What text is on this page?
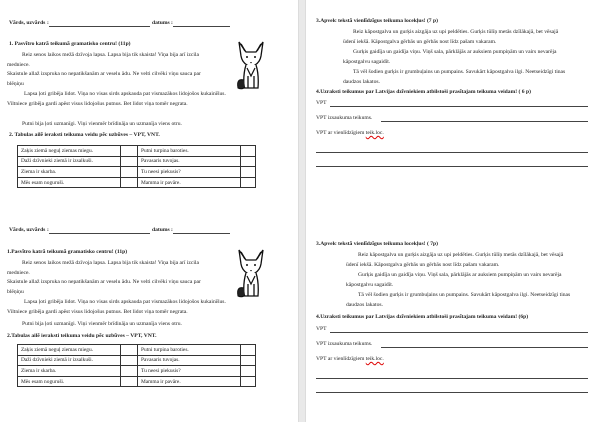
Vārds, uzvārds :	datums :
1. Pasvītro katrā teikumā gramatisko centru! (11p)
Reiz senos laikos mežā dzīvoja lapsa. Lapsa bija tik skaista! Viņa bija arī izcila
medniece.
Skaistule allaž izspruka no nepatikšanām ar veselu ādu. Ne velti cilvēki viņu sauca par
blēņiņu
Lapsa ļoti gribēja lidot. Viņa no visas sirds apskauda pat vismazākos lidojošos kukainīšus.
Viltniece gribēja gardi apēst visus lidojošus putnus. Bet lidot viņa tomēr negrata.
Putni bija ļoti uzmanīgi. Viņi vienmēr brīdināja un uzmanīja viens otru.
2. Tabulas ailē ieraksti teikuma veidu pēc uzbūves – VPT, VNT.
Zaķis ziemā neguļ ziemas miegu.		Putni turpina baroties.	
Daži dzīvnieki ziemā ir izsalkuši.		Pavasaris tuvojas.	
Ziema ir skarba.		Tu neesi piekusis?	
Mēs esam noguruši.		Mamma ir pavāre.	
Vārds, uzvārds :	datums :
1.Pasvītro katrā teikumā gramatisko centru! (11p)
Reiz senos laikos mežā dzīvoja lapsa. Lapsa bija tik skaista! Viņa bija arī izcila
medniece.
Skaistule allaž izspruka no nepatikšanām ar veselu ādu. Ne velti cilvēki viņu sauca par
blēņiņu
Lapsa ļoti gribēja lidot. Viņa no visas sirds apskauda pat vismazākos lidojošos kukainīšus.
Viltniece gribēja gardi apēst visus lidojošus putnus. Bet lidot viņa tomēr negrata.
Putni bija ļoti uzmanīgi. Viņi vienmēr brīdināja un uzmanīja viens otru.
2.Tabulas ailē ieraksti teikuma veidu pēc uzbūves – VPT, VNT.
Zaķis ziemā neguļ ziemas miegu.		Putni turpina baroties.	
Daži dzīvnieki ziemā ir izsalkuši.		Pavasaris tuvojas.	
Ziema ir skarba.		Tu neesi piekusis?	
Mēs esam noguruši.		Mamma ir pavāre.	
3.Apvelc tekstā vienlīdzīgus teikuma locekļus! (7 p)
Reiz kāpostgalva un gurķis aizgāja uz upi peldēties. Gurķis tūlīņ metās dzīlākajā, bet vēsajā
ūdenī iekšā. Kāpostgalva gērbās un gērbās nost līdz pašam vakaram.
Gurķis gaidīja un gaidīja viņu. Viņš sala, pārklājās ar auksiem pumpiņām un vairs nevarēja
kāpostgalvu sagaidīt.
Tā vēl šodien gurķis ir grumbuļains un pumpains. Savukārt kāpostgalva ilgi. Neetseidzīgi tinas
daudzos lakatos.
4.Uzraksti teikumus par Latvijas dzīvniekiem atbilstoši prasītajam teikuma veidam! ( 6 p)
VPT
VPT izsaukuma teikums.
VPT ar vienlīdzīgiem teik.loc.
3.Apvelc tekstā vienlīdzīgus teikuma locekļus! ( 7p)
Reiz kāpostgalva un gurķis aizgāja uz upi peldēties. Gurķis tūlīņ metās dzīlākajā, bet vēsajā
ūdenī iekšā. Kāpostgalva gērbās un gērbās nost līdz pašam vakaram.
Gurķis gaidīja un gaidīja viņu. Viņš sala, pārklājās ar auksiem pumpiņām un vairs nevarēja
kāpostgalvu sagaidīt.
Tā vēl šodien gurķis ir grumbuļains un pumpains. Savukārt kāpostgalva ilgi. Neetseidzīgi tinas
daudzos lakatos.
4.Uzraksti teikumus par Latvijas dzīvniekiem atbilstoši prasītajam teikuma veidam! (6p)
VPT
VPT izsaukuma teikums.
VPT ar vienlīdzīgiem teik.loc.
